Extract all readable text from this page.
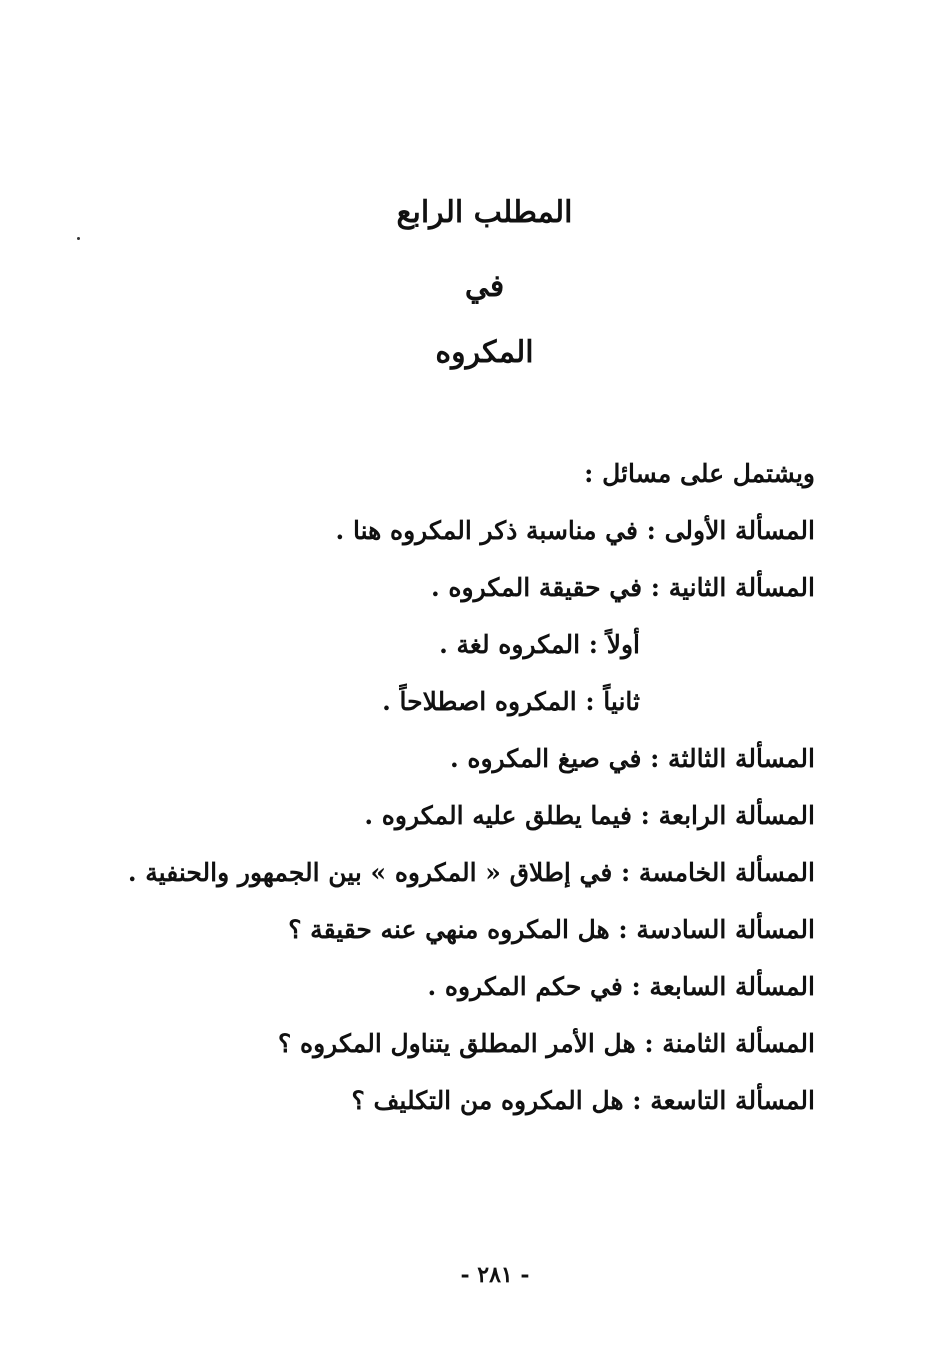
المطلب الرابع
في
المكروه
ويشتمل على مسائل :
المسألة الأولى : في مناسبة ذكر المكروه هنا .
المسألة الثانية : في حقيقة المكروه .
أولاً : المكروه لغة .
ثانياً : المكروه اصطلاحاً .
المسألة الثالثة : في صيغ المكروه .
المسألة الرابعة : فيما يطلق عليه المكروه .
المسألة الخامسة : في إطلاق « المكروه » بين الجمهور والحنفية .
المسألة السادسة : هل المكروه منهي عنه حقيقة ؟
المسألة السابعة : في حكم المكروه .
المسألة الثامنة : هل الأمر المطلق يتناول المكروه ؟
المسألة التاسعة : هل المكروه من التكليف ؟
- ٢٨١ -
